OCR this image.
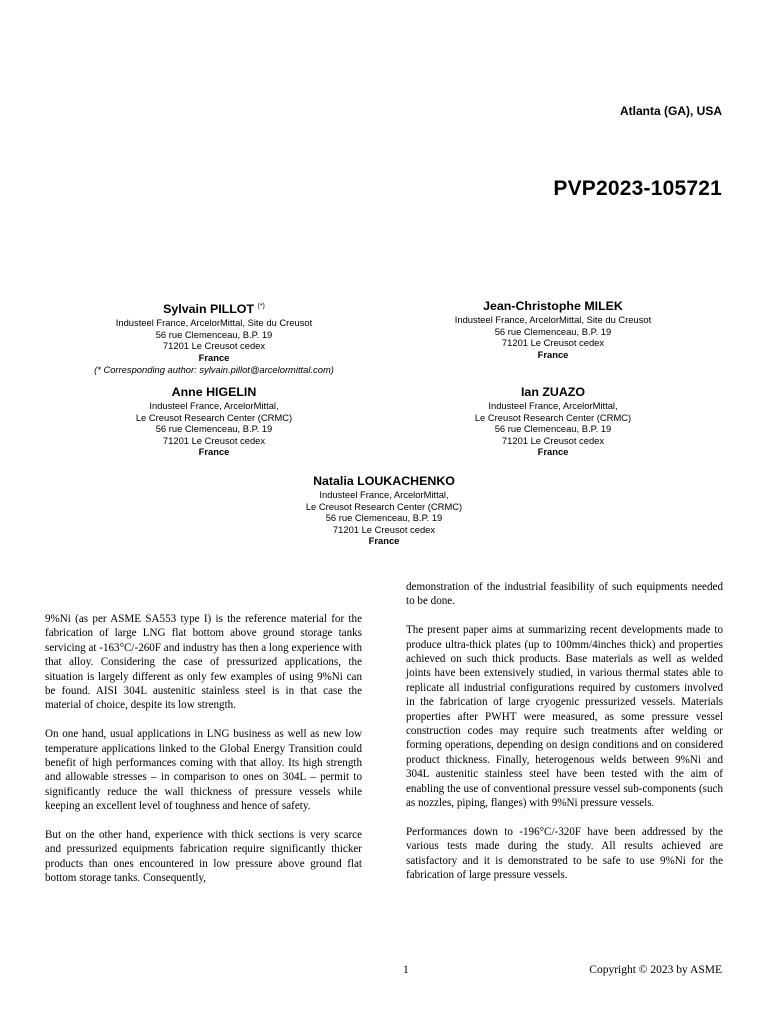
Atlanta (GA), USA
PVP2023-105721
Sylvain PILLOT (*)
Industeel France, ArcelorMittal, Site du Creusot
56 rue Clemenceau, B.P. 19
71201 Le Creusot cedex
France
(* Corresponding author: sylvain.pillot@arcelormittal.com)
Jean-Christophe MILEK
Industeel France, ArcelorMittal, Site du Creusot
56 rue Clemenceau, B.P. 19
71201 Le Creusot cedex
France
Anne HIGELIN
Industeel France, ArcelorMittal,
Le Creusot Research Center (CRMC)
56 rue Clemenceau, B.P. 19
71201 Le Creusot cedex
France
Ian ZUAZO
Industeel France, ArcelorMittal,
Le Creusot Research Center (CRMC)
56 rue Clemenceau, B.P. 19
71201 Le Creusot cedex
France
Natalia LOUKACHENKO
Industeel France, ArcelorMittal,
Le Creusot Research Center (CRMC)
56 rue Clemenceau, B.P. 19
71201 Le Creusot cedex
France

9%Ni (as per ASME SA553 type I) is the reference material for the fabrication of large LNG flat bottom above ground storage tanks servicing at -163°C/-260F and industry has then a long experience with that alloy. Considering the case of pressurized applications, the situation is largely different as only few examples of using 9%Ni can be found. AISI 304L austenitic stainless steel is in that case the material of choice, despite its low strength.

On one hand, usual applications in LNG business as well as new low temperature applications linked to the Global Energy Transition could benefit of high performances coming with that alloy. Its high strength and allowable stresses – in comparison to ones on 304L – permit to significantly reduce the wall thickness of pressure vessels while keeping an excellent level of toughness and hence of safety.

But on the other hand, experience with thick sections is very scarce and pressurized equipments fabrication require significantly thicker products than ones encountered in low pressure above ground flat bottom storage tanks. Consequently,

demonstration of the industrial feasibility of such equipments needed to be done.

The present paper aims at summarizing recent developments made to produce ultra-thick plates (up to 100mm/4inches thick) and properties achieved on such thick products. Base materials as well as welded joints have been extensively studied, in various thermal states able to replicate all industrial configurations required by customers involved in the fabrication of large cryogenic pressurized vessels. Materials properties after PWHT were measured, as some pressure vessel construction codes may require such treatments after welding or forming operations, depending on design conditions and on considered product thickness. Finally, heterogenous welds between 9%Ni and 304L austenitic stainless steel have been tested with the aim of enabling the use of conventional pressure vessel sub-components (such as nozzles, piping, flanges) with 9%Ni pressure vessels.

Performances down to -196°C/-320F have been addressed by the various tests made during the study. All results achieved are satisfactory and it is demonstrated to be safe to use 9%Ni for the fabrication of large pressure vessels.

1	Copyright © 2023 by ASME
